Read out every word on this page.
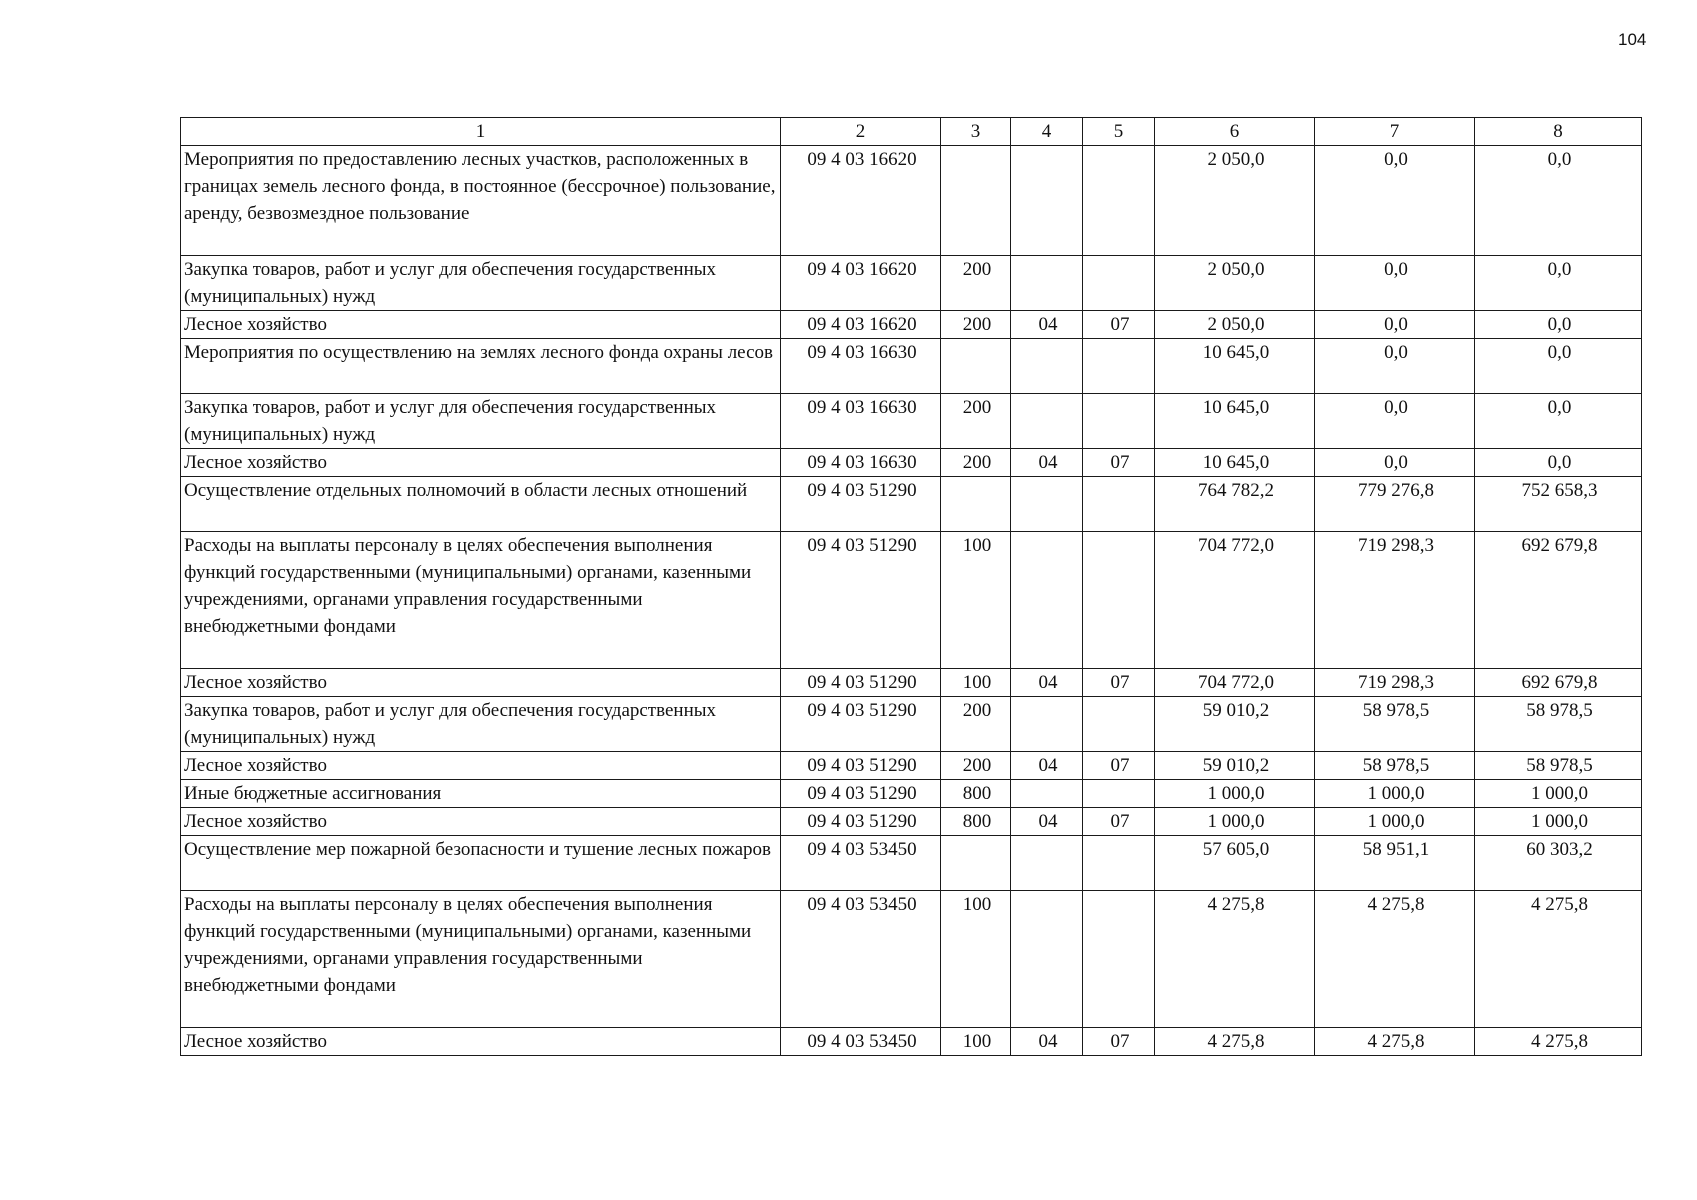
104
1	2	3	4	5	6	7	8
Мероприятия по предоставлению лесных участков, расположенных в границах земель лесного фонда, в постоянное (бессрочное) пользование, аренду, безвозмездное пользование	09 4 03 16620				2 050,0	0,0	0,0
Закупка товаров, работ и услуг для обеспечения государственных (муниципальных) нужд	09 4 03 16620	200			2 050,0	0,0	0,0
Лесное хозяйство	09 4 03 16620	200	04	07	2 050,0	0,0	0,0
Мероприятия по осуществлению на землях лесного фонда охраны лесов	09 4 03 16630				10 645,0	0,0	0,0
Закупка товаров, работ и услуг для обеспечения государственных (муниципальных) нужд	09 4 03 16630	200			10 645,0	0,0	0,0
Лесное хозяйство	09 4 03 16630	200	04	07	10 645,0	0,0	0,0
Осуществление отдельных полномочий в области лесных отношений	09 4 03 51290				764 782,2	779 276,8	752 658,3
Расходы на выплаты персоналу в целях обеспечения выполнения функций государственными (муниципальными) органами, казенными учреждениями, органами управления государственными внебюджетными фондами	09 4 03 51290	100			704 772,0	719 298,3	692 679,8
Лесное хозяйство	09 4 03 51290	100	04	07	704 772,0	719 298,3	692 679,8
Закупка товаров, работ и услуг для обеспечения государственных (муниципальных) нужд	09 4 03 51290	200			59 010,2	58 978,5	58 978,5
Лесное хозяйство	09 4 03 51290	200	04	07	59 010,2	58 978,5	58 978,5
Иные бюджетные ассигнования	09 4 03 51290	800			1 000,0	1 000,0	1 000,0
Лесное хозяйство	09 4 03 51290	800	04	07	1 000,0	1 000,0	1 000,0
Осуществление мер пожарной безопасности и тушение лесных пожаров	09 4 03 53450				57 605,0	58 951,1	60 303,2
Расходы на выплаты персоналу в целях обеспечения выполнения функций государственными (муниципальными) органами, казенными учреждениями, органами управления государственными внебюджетными фондами	09 4 03 53450	100			4 275,8	4 275,8	4 275,8
Лесное хозяйство	09 4 03 53450	100	04	07	4 275,8	4 275,8	4 275,8
